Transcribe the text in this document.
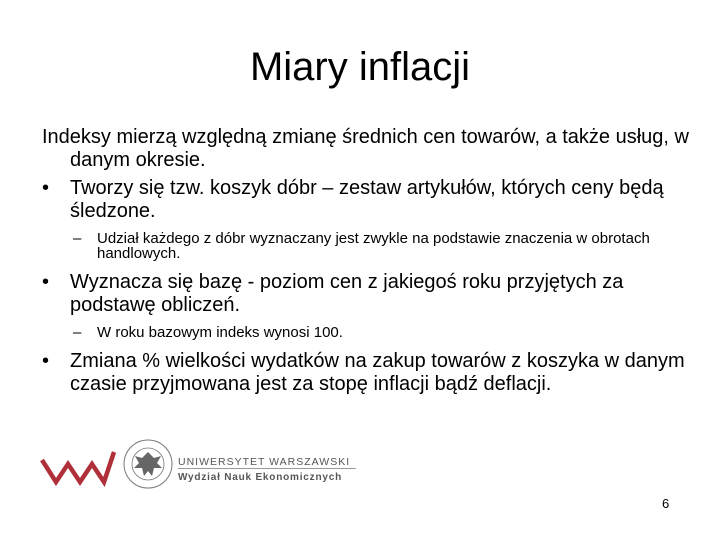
Miary inflacji

Indeksy mierzą względną zmianę średnich cen towarów, a także usług, w danym okresie.

• Tworzy się tzw. koszyk dóbr – zestaw artykułów, których ceny będą śledzone.
– Udział każdego z dóbr wyznaczany jest zwykle na podstawie znaczenia w obrotach handlowych.
• Wyznacza się bazę - poziom cen z jakiegoś roku przyjętych za podstawę obliczeń.
– W roku bazowym indeks wynosi 100.
• Zmiana % wielkości wydatków na zakup towarów z koszyka w danym czasie przyjmowana jest za stopę inflacji bądź deflacji.
UNIWERSYTET WARSZAWSKI
Wydział Nauk Ekonomicznych
6
